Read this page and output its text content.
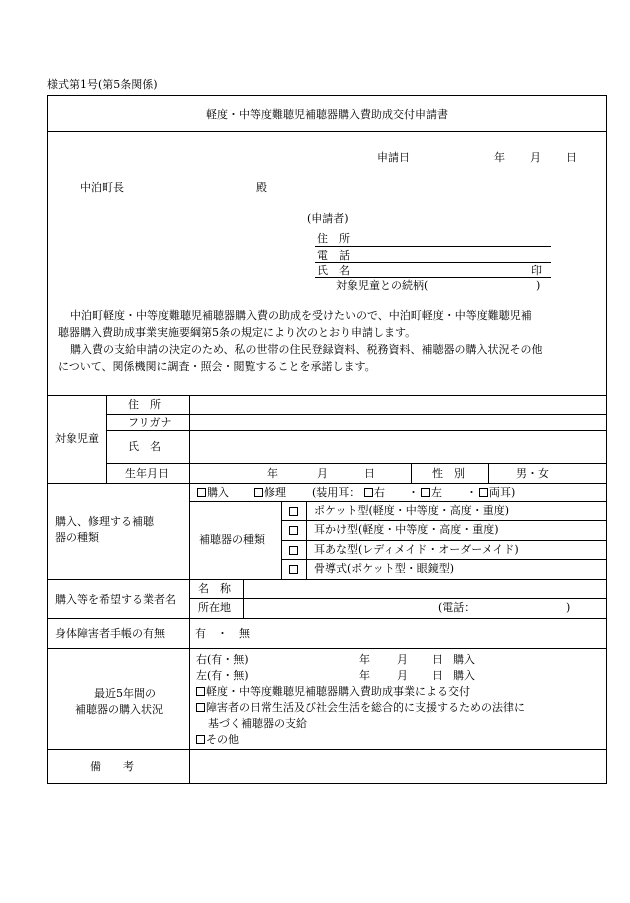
様式第1号(第5条関係)
軽度・中等度難聴児補聴器購入費助成交付申請書
申請日	年 月 日
中泊町長	殿
(申請者)
住　所
電　話
氏　名	印
対象児童との続柄(	)
中泊町軽度・中等度難聴児補聴器購入費の助成を受けたいので、中泊町軽度・中等度難聴児補
聴器購入費助成事業実施要綱第5条の規定により次のとおり申請します。
購入費の支給申請の決定のため、私の世帯の住民登録資料、税務資料、補聴器の購入状況その他
について、関係機関に調査・照会・閲覧することを承諾します。
対象児童
住　所
フリガナ
氏　名
生年月日	年	月	日	性　別	男・女
購入、修理する補聴
器の種類
購入	修理 (装用耳：	右 ・	左 ・	両耳)
補聴器の種類
ポケット型(軽度・中等度・高度・重度)
耳かけ型(軽度・中等度・高度・重度)
耳あな型(レディメイド・オーダーメイド)
骨導式(ポケット型・眼鏡型)
購入等を希望する業者名
名　称
所在地	(電話：	)
身体障害者手帳の有無	有　・　無
最近5年間の
補聴器の購入状況
右(有・無)	年 月 日 購入
左(有・無)	年 月 日 購入
軽度・中等度難聴児補聴器購入費助成事業による交付
障害者の日常生活及び社会生活を総合的に支援するための法律に
基づく補聴器の支給
その他
備　　考
